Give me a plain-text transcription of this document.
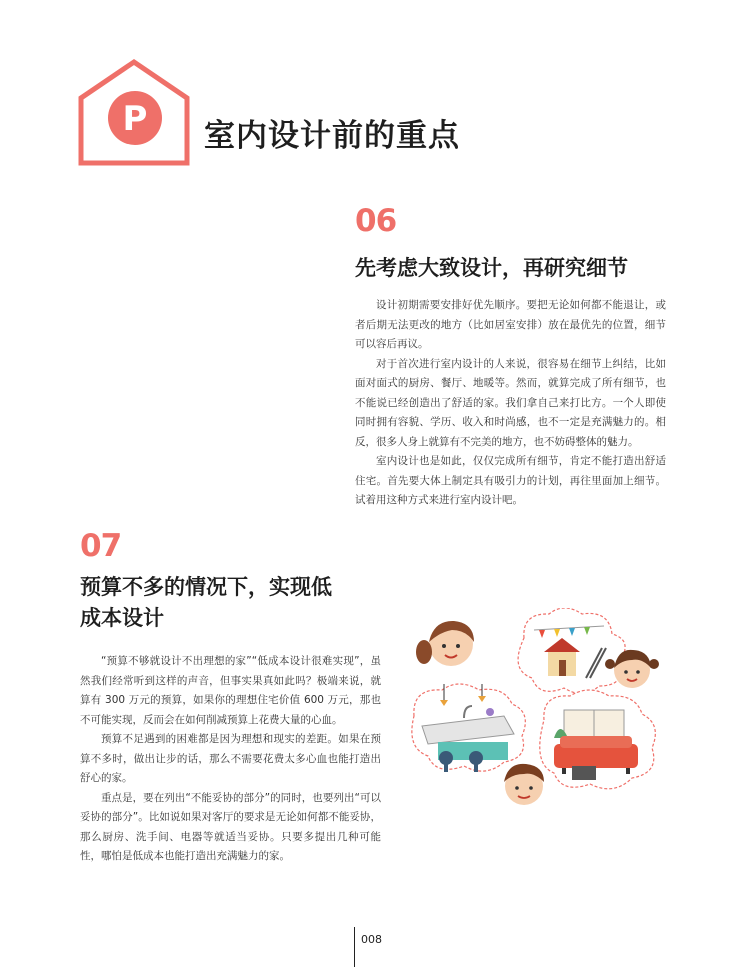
P 室内设计前的重点
06
先考虑大致设计，再研究细节

设计初期需要安排好优先顺序。要把无论如何都不能退让，或者后期无法更改的地方（比如居室安排）放在最优先的位置，细节可以容后再议。

对于首次进行室内设计的人来说，很容易在细节上纠结，比如面对面式的厨房、餐厅、地暖等。然而，就算完成了所有细节，也不能说已经创造出了舒适的家。我们拿自己来打比方。一个人即使同时拥有容貌、学历、收入和时尚感，也不一定是充满魅力的。相反，很多人身上就算有不完美的地方，也不妨碍整体的魅力。

室内设计也是如此，仅仅完成所有细节，肯定不能打造出舒适住宅。首先要大体上制定具有吸引力的计划，再往里面加上细节。试着用这种方式来进行室内设计吧。

07
预算不多的情况下，实现低
成本设计

“预算不够就设计不出理想的家”“低成本设计很难实现”，虽然我们经常听到这样的声音，但事实果真如此吗？极端来说，就算有 300 万元的预算，如果你的理想住宅价值 600 万元，那也不可能实现，反而会在如何削减预算上花费大量的心血。

预算不足遇到的困难都是因为理想和现实的差距。如果在预算不多时，做出让步的话，那么不需要花费太多心血也能打造出舒心的家。

重点是，要在列出“不能妥协的部分”的同时，也要列出“可以妥协的部分”。比如说如果对客厅的要求是无论如何都不能妥协，那么厨房、洗手间、电器等就适当妥协。只要多提出几种可能性，哪怕是低成本也能打造出充满魅力的家。

008
